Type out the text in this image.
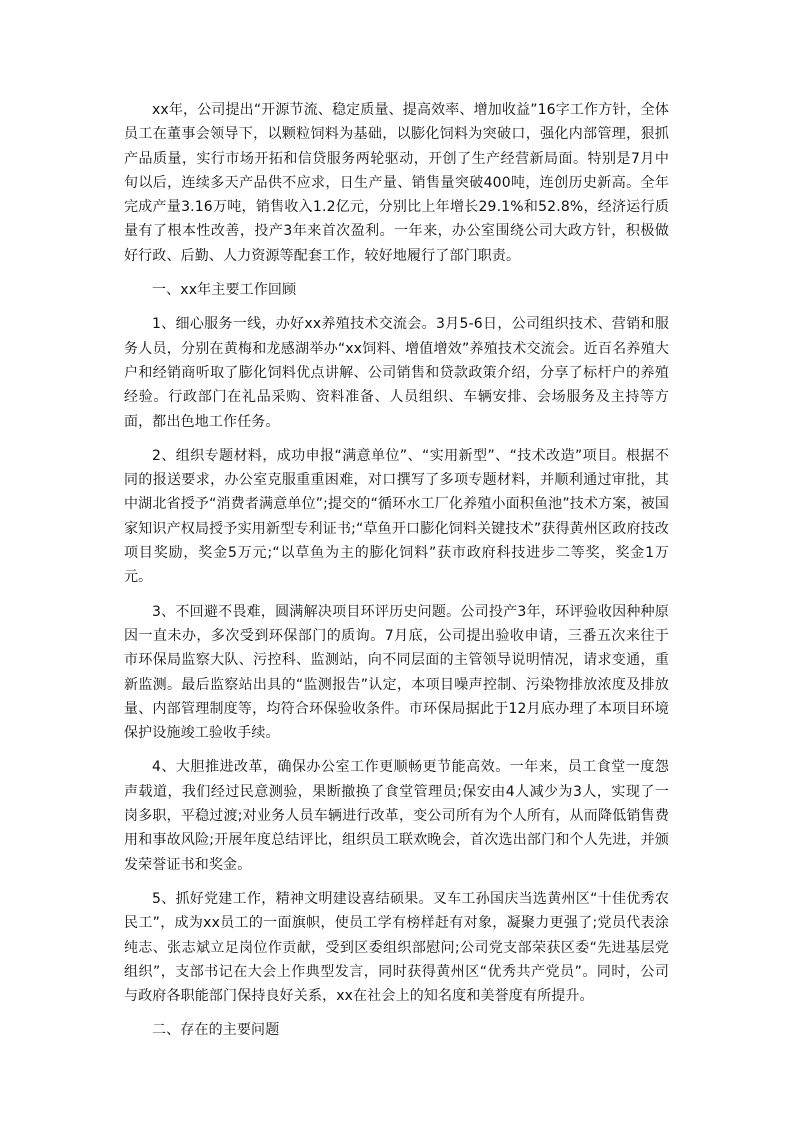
xx年，公司提出“开源节流、稳定质量、提高效率、增加收益”16字工作方针，全体员工在董事会领导下，以颗粒饲料为基础，以膨化饲料为突破口，强化内部管理，狠抓产品质量，实行市场开拓和信贷服务两轮驱动，开创了生产经营新局面。特别是7月中旬以后，连续多天产品供不应求，日生产量、销售量突破400吨，连创历史新高。全年完成产量3.16万吨，销售收入1.2亿元，分别比上年增长29.1%和52.8%，经济运行质量有了根本性改善，投产3年来首次盈利。一年来，办公室围绕公司大政方针，积极做好行政、后勤、人力资源等配套工作，较好地履行了部门职责。

一、xx年主要工作回顾

1、细心服务一线，办好xx养殖技术交流会。3月5-6日，公司组织技术、营销和服务人员，分别在黄梅和龙感湖举办“xx饲料、增值增效”养殖技术交流会。近百名养殖大户和经销商听取了膨化饲料优点讲解、公司销售和贷款政策介绍，分享了标杆户的养殖经验。行政部门在礼品采购、资料准备、人员组织、车辆安排、会场服务及主持等方面，都出色地工作任务。

2、组织专题材料，成功申报“满意单位”、“实用新型”、“技术改造”项目。根据不同的报送要求，办公室克服重重困难，对口撰写了多项专题材料，并顺利通过审批，其中湖北省授予“消费者满意单位”;提交的“循环水工厂化养殖小面积鱼池”技术方案，被国家知识产权局授予实用新型专利证书;“草鱼开口膨化饲料关键技术”获得黄州区政府技改项目奖励，奖金5万元;“以草鱼为主的膨化饲料”获市政府科技进步二等奖，奖金1万元。

3、不回避不畏难，圆满解决项目环评历史问题。公司投产3年，环评验收因种种原因一直未办，多次受到环保部门的质询。7月底，公司提出验收申请，三番五次来往于市环保局监察大队、污控科、监测站，向不同层面的主管领导说明情况，请求变通，重新监测。最后监察站出具的“监测报告”认定，本项目噪声控制、污染物排放浓度及排放量、内部管理制度等，均符合环保验收条件。市环保局据此于12月底办理了本项目环境保护设施竣工验收手续。

4、大胆推进改革，确保办公室工作更顺畅更节能高效。一年来，员工食堂一度怨声载道，我们经过民意测验，果断撤换了食堂管理员;保安由4人减少为3人，实现了一岗多职，平稳过渡;对业务人员车辆进行改革，变公司所有为个人所有，从而降低销售费用和事故风险;开展年度总结评比，组织员工联欢晚会，首次选出部门和个人先进，并颁发荣誉证书和奖金。

5、抓好党建工作，精神文明建设喜结硕果。叉车工孙国庆当选黄州区“十佳优秀农民工”，成为xx员工的一面旗帜，使员工学有榜样赶有对象，凝聚力更强了;党员代表涂纯志、张志斌立足岗位作贡献，受到区委组织部慰问;公司党支部荣获区委“先进基层党组织”，支部书记在大会上作典型发言，同时获得黄州区“优秀共产党员”。同时，公司与政府各职能部门保持良好关系，xx在社会上的知名度和美誉度有所提升。

二、存在的主要问题
